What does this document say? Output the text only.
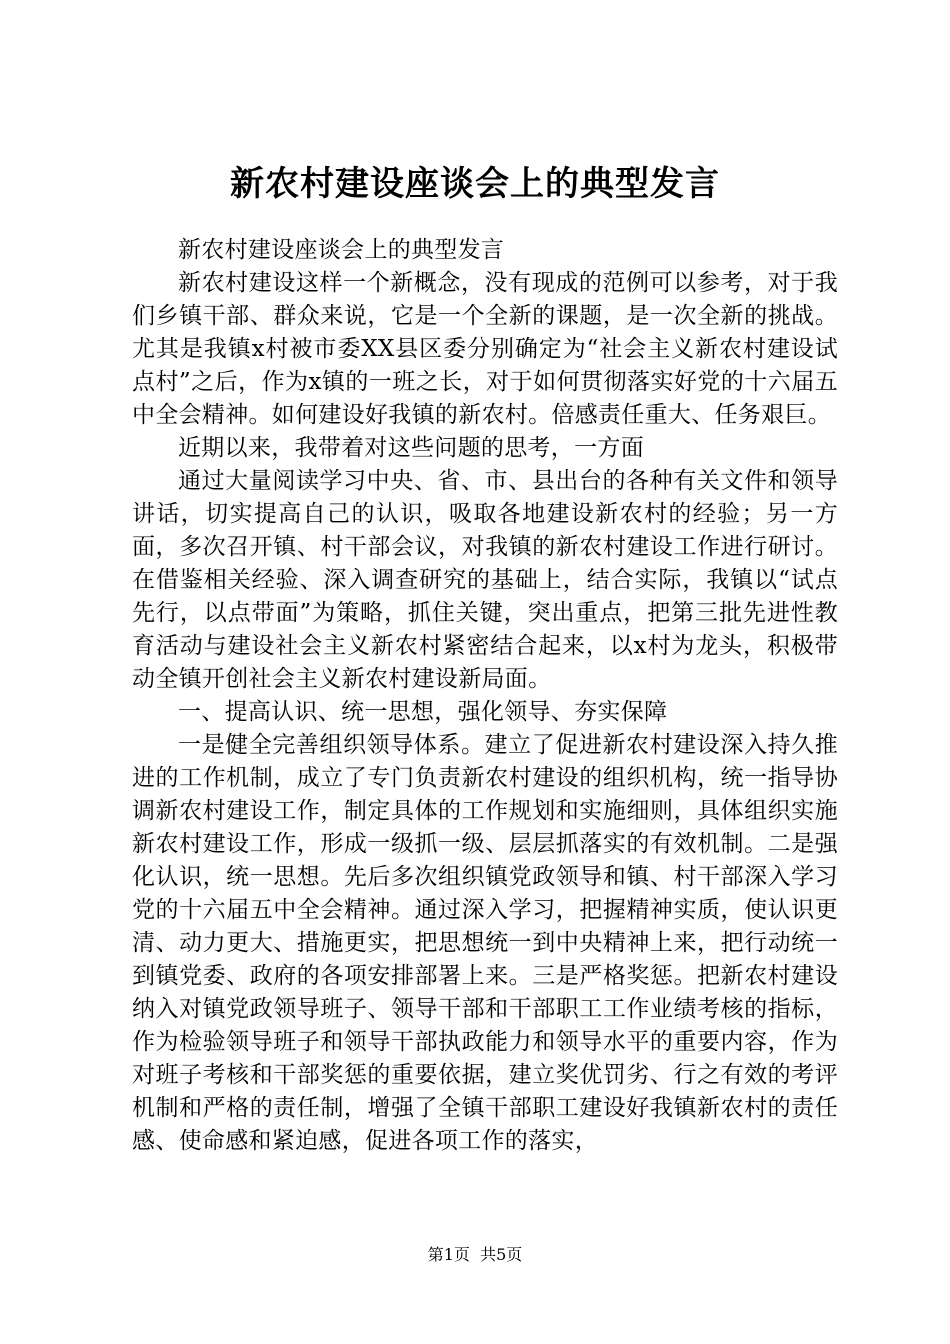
新农村建设座谈会上的典型发言

新农村建设座谈会上的典型发言

新农村建设这样一个新概念，没有现成的范例可以参考，对于我们乡镇干部、群众来说，它是一个全新的课题，是一次全新的挑战。尤其是我镇x村被市委XX县区委分别确定为“社会主义新农村建设试点村”之后，作为x镇的一班之长，对于如何贯彻落实好党的十六届五中全会精神。如何建设好我镇的新农村。倍感责任重大、任务艰巨。

近期以来，我带着对这些问题的思考，一方面

通过大量阅读学习中央、省、市、县出台的各种有关文件和领导讲话，切实提高自己的认识，吸取各地建设新农村的经验；另一方面，多次召开镇、村干部会议，对我镇的新农村建设工作进行研讨。在借鉴相关经验、深入调查研究的基础上，结合实际，我镇以“试点先行，以点带面”为策略，抓住关键，突出重点，把第三批先进性教育活动与建设社会主义新农村紧密结合起来，以x村为龙头，积极带动全镇开创社会主义新农村建设新局面。

一、提高认识、统一思想，强化领导、夯实保障

一是健全完善组织领导体系。建立了促进新农村建设深入持久推进的工作机制，成立了专门负责新农村建设的组织机构，统一指导协调新农村建设工作，制定具体的工作规划和实施细则，具体组织实施新农村建设工作，形成一级抓一级、层层抓落实的有效机制。二是强化认识，统一思想。先后多次组织镇党政领导和镇、村干部深入学习党的十六届五中全会精神。通过深入学习，把握精神实质，使认识更清、动力更大、措施更实，把思想统一到中央精神上来，把行动统一到镇党委、政府的各项安排部署上来。三是严格奖惩。把新农村建设纳入对镇党政领导班子、领导干部和干部职工工作业绩考核的指标，作为检验领导班子和领导干部执政能力和领导水平的重要内容，作为对班子考核和干部奖惩的重要依据，建立奖优罚劣、行之有效的考评机制和严格的责任制，增强了全镇干部职工建设好我镇新农村的责任感、使命感和紧迫感，促进各项工作的落实，

第1页 共5页
